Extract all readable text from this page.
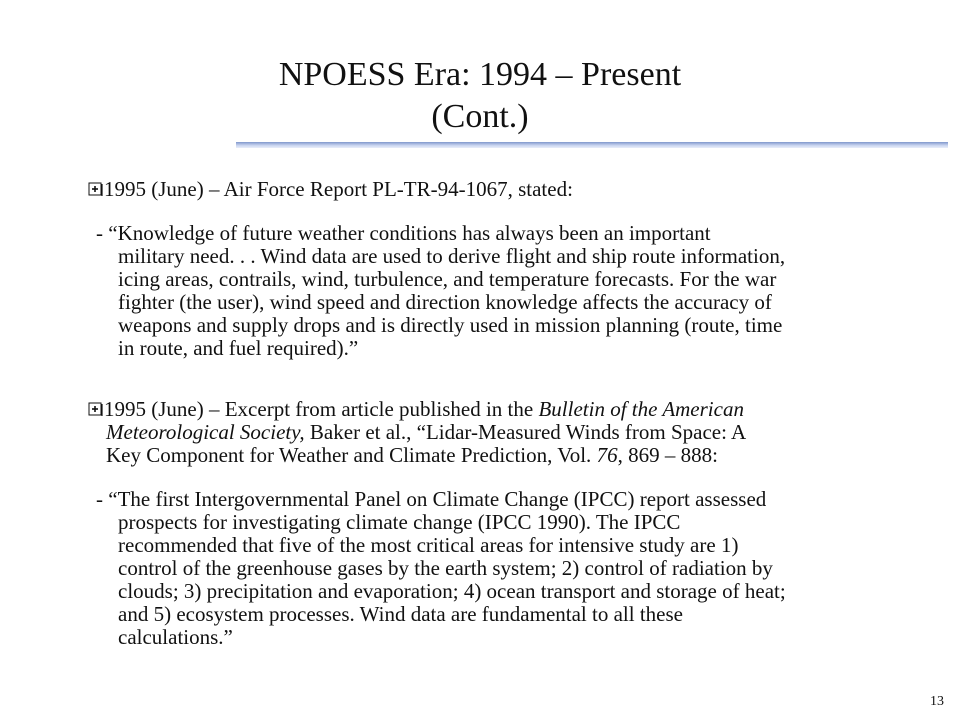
NPOESS Era: 1994 – Present
(Cont.)
1995 (June) – Air Force Report PL-TR-94-1067, stated:
- “Knowledge of future weather conditions has always been an important
military need. . . Wind data are used to derive flight and ship route information,
icing areas, contrails, wind, turbulence, and temperature forecasts. For the war
fighter (the user), wind speed and direction knowledge affects the accuracy of
weapons and supply drops and is directly used in mission planning (route, time
in route, and fuel required).”
1995 (June) – Excerpt from article published in the Bulletin of the American
Meteorological Society, Baker et al., “Lidar-Measured Winds from Space: A
Key Component for Weather and Climate Prediction, Vol. 76, 869 – 888:
- “The first Intergovernmental Panel on Climate Change (IPCC) report assessed
prospects for investigating climate change (IPCC 1990). The IPCC
recommended that five of the most critical areas for intensive study are 1)
control of the greenhouse gases by the earth system; 2) control of radiation by
clouds; 3) precipitation and evaporation; 4) ocean transport and storage of heat;
and 5) ecosystem processes. Wind data are fundamental to all these
calculations.”
13
